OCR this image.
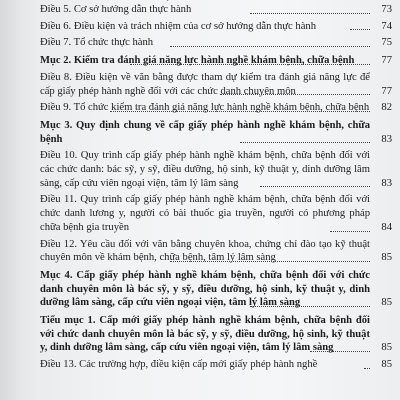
Điều 5. Cơ sở hướng dẫn thực hành	73
Điều 6. Điều kiện và trách nhiệm của cơ sở hướng dẫn thực hành	74
Điều 7. Tổ chức thực hành	75
Mục 2. Kiểm tra đánh giá năng lực hành nghề khám bệnh, chữa bệnh	77
Điều 8. Điều kiện về văn bằng được tham dự kiểm tra đánh giá năng lực để cấp giấy phép hành nghề đối với các chức danh chuyên môn	77
Điều 9. Tổ chức kiểm tra đánh giá năng lực hành nghề khám bệnh, chữa bệnh	82
Mục 3. Quy định chung về cấp giấy phép hành nghề khám bệnh, chữa bệnh	83
Điều 10. Quy trình cấp giấy phép hành nghề khám bệnh, chữa bệnh đối với các chức danh: bác sỹ, y sỹ, điều dưỡng, hộ sinh, kỹ thuật y, dinh dưỡng lâm sàng, cấp cứu viên ngoại viện, tâm lý lâm sàng	83
Điều 11. Quy trình cấp giấy phép hành nghề khám bệnh, chữa bệnh đối với chức danh lương y, người có bài thuốc gia truyền, người có phương pháp chữa bệnh gia truyền	84
Điều 12. Yêu cầu đối với văn bằng chuyên khoa, chứng chỉ đào tạo kỹ thuật chuyên môn về khám bệnh, chữa bệnh, tâm lý lâm sàng	85
Mục 4. Cấp giấy phép hành nghề khám bệnh, chữa bệnh đối với chức danh chuyên môn là bác sỹ, y sỹ, điều dưỡng, hộ sinh, kỹ thuật y, dinh dưỡng lâm sàng, cấp cứu viên ngoại viện, tâm lý lâm sàng	85
Tiểu mục 1. Cấp mới giấy phép hành nghề khám bệnh, chữa bệnh đối với chức danh chuyên môn là bác sỹ, y sỹ, điều dưỡng, hộ sinh, kỹ thuật y, dinh dưỡng lâm sàng, cấp cứu viên ngoại viện, tâm lý lâm sàng	85
Điều 13. Các trường hợp, điều kiện cấp mới giấy phép hành nghề	85
